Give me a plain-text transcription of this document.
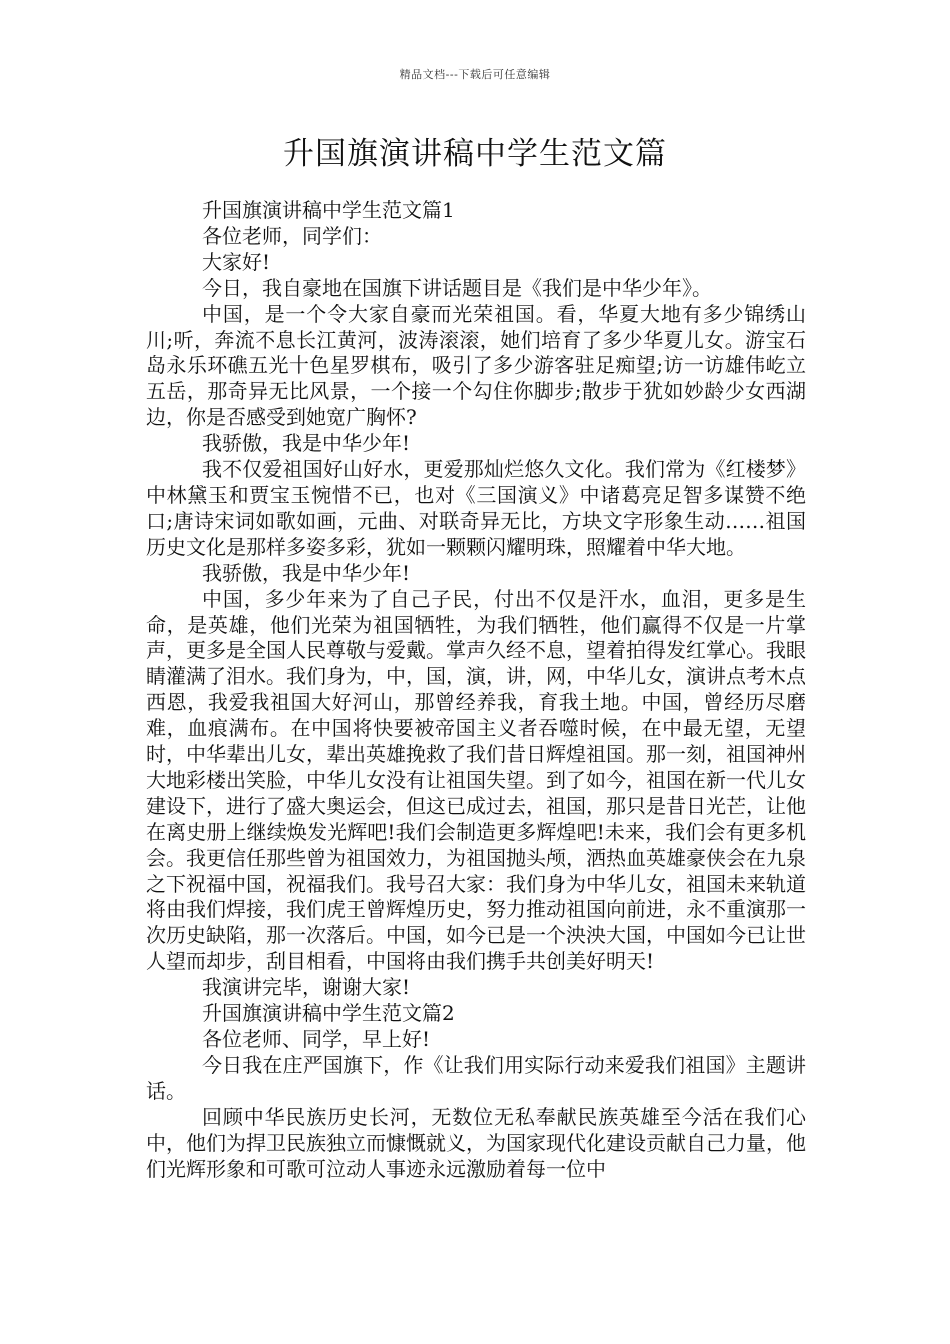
精品文档---下载后可任意编辑
升国旗演讲稿中学生范文篇

升国旗演讲稿中学生范文篇1

各位老师，同学们：

大家好!

今日，我自豪地在国旗下讲话题目是《我们是中华少年》。

中国，是一个令大家自豪而光荣祖国。看，华夏大地有多少锦绣山川;听，奔流不息长江黄河，波涛滚滚，她们培育了多少华夏儿女。游宝石岛永乐环礁五光十色星罗棋布，吸引了多少游客驻足痴望;访一访雄伟屹立五岳，那奇异无比风景，一个接一个勾住你脚步;散步于犹如妙龄少女西湖边，你是否感受到她宽广胸怀?

我骄傲，我是中华少年!

我不仅爱祖国好山好水，更爱那灿烂悠久文化。我们常为《红楼梦》中林黛玉和贾宝玉惋惜不已，也对《三国演义》中诸葛亮足智多谋赞不绝口;唐诗宋词如歌如画，元曲、对联奇异无比，方块文字形象生动……祖国历史文化是那样多姿多彩，犹如一颗颗闪耀明珠，照耀着中华大地。

我骄傲，我是中华少年!

中国，多少年来为了自己子民，付出不仅是汗水，血泪，更多是生命，是英雄，他们光荣为祖国牺牲，为我们牺牲，他们赢得不仅是一片掌声，更多是全国人民尊敬与爱戴。掌声久经不息，望着拍得发红掌心。我眼睛灌满了泪水。我们身为，中，国，演，讲，网，中华儿女，演讲点考木点西恩，我爱我祖国大好河山，那曾经养我，育我土地。中国，曾经历尽磨难，血痕满布。在中国将快要被帝国主义者吞噬时候，在中最无望，无望时，中华辈出儿女，辈出英雄挽救了我们昔日辉煌祖国。那一刻，祖国神州大地彩楼出笑脸，中华儿女没有让祖国失望。到了如今，祖国在新一代儿女建设下，进行了盛大奥运会，但这已成过去，祖国，那只是昔日光芒，让他在离史册上继续焕发光辉吧!我们会制造更多辉煌吧!未来，我们会有更多机会。我更信任那些曾为祖国效力，为祖国抛头颅，洒热血英雄豪侠会在九泉之下祝福中国，祝福我们。我号召大家：我们身为中华儿女，祖国未来轨道将由我们焊接，我们虎王曾辉煌历史，努力推动祖国向前进，永不重演那一次历史缺陷，那一次落后。中国，如今已是一个泱泱大国，中国如今已让世人望而却步，刮目相看，中国将由我们携手共创美好明天!

我演讲完毕，谢谢大家!

升国旗演讲稿中学生范文篇2

各位老师、同学，早上好!

今日我在庄严国旗下，作《让我们用实际行动来爱我们祖国》主题讲话。

回顾中华民族历史长河，无数位无私奉献民族英雄至今活在我们心中，他们为捍卫民族独立而慷慨就义，为国家现代化建设贡献自己力量，他们光辉形象和可歌可泣动人事迹永远激励着每一位中
